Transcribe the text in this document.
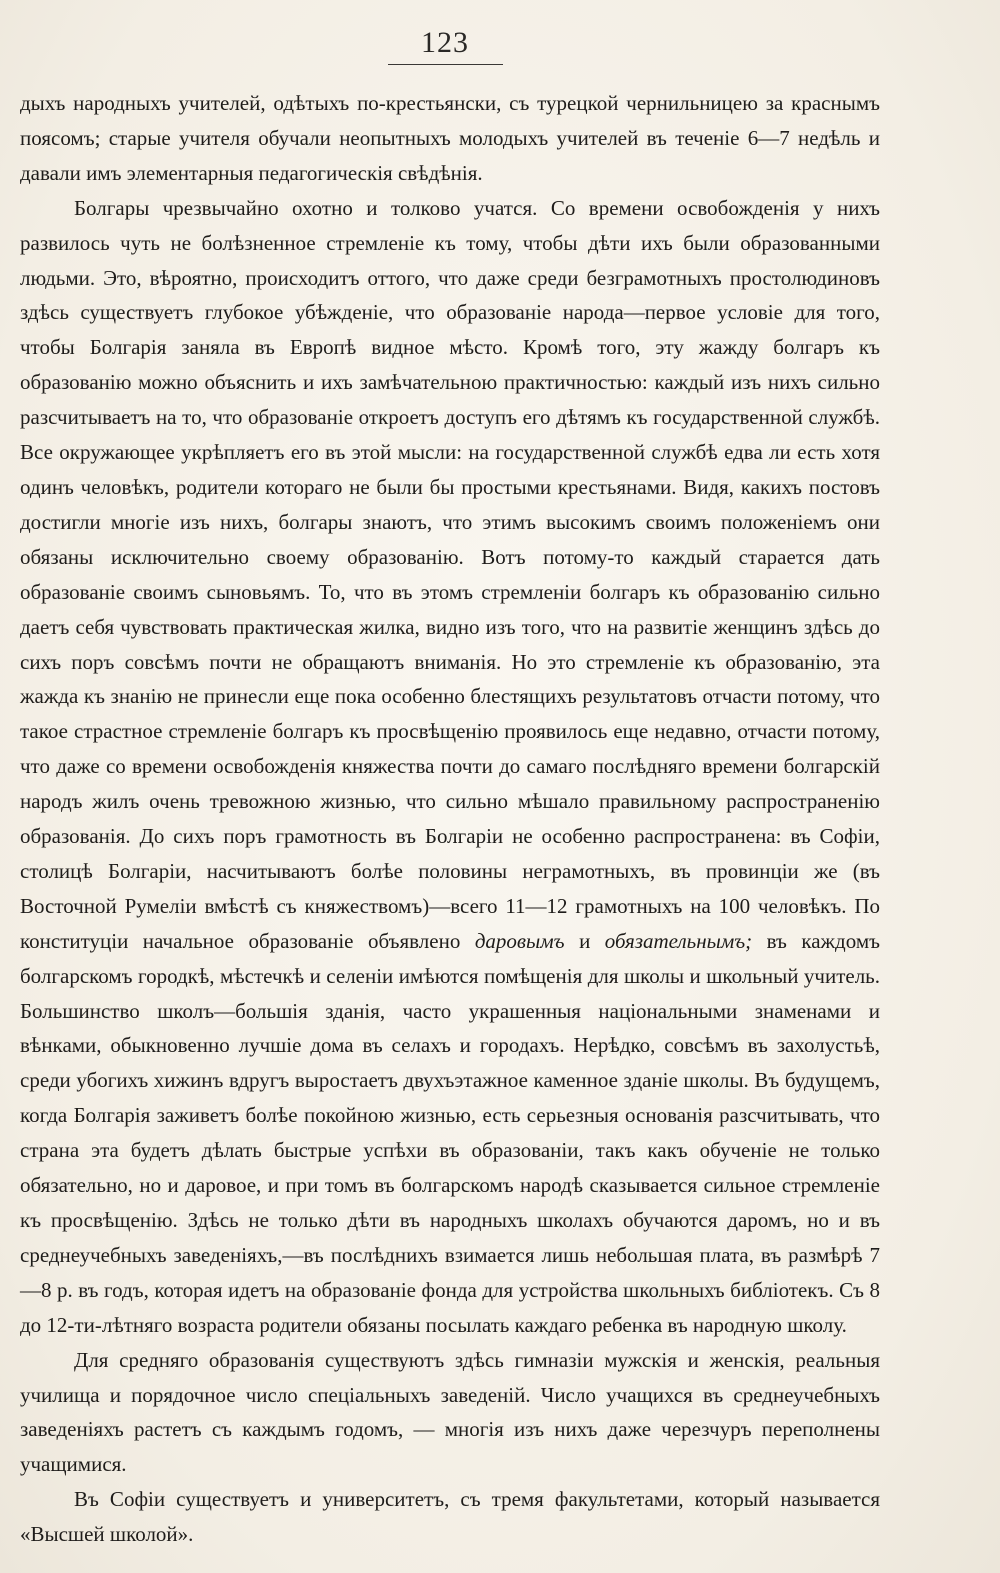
123

дыхъ народныхъ учителей, одѣтыхъ по-крестьянски, съ турецкой чернильницею за краснымъ поясомъ; старые учителя обучали неопытныхъ молодыхъ учителей въ теченіе 6—7 недѣль и давали имъ элементарныя педагогическія свѣдѣнія.

Болгары чрезвычайно охотно и толково учатся. Со времени освобожденія у нихъ развилось чуть не болѣзненное стремленіе къ тому, чтобы дѣти ихъ были образованными людьми. Это, вѣроятно, происходитъ оттого, что даже среди безграмотныхъ простолюдиновъ здѣсь существуетъ глубокое убѣжденіе, что образованіе народа—первое условіе для того, чтобы Болгарія заняла въ Европѣ видное мѣсто. Кромѣ того, эту жажду болгаръ къ образованію можно объяснить и ихъ замѣчательною практичностью: каждый изъ нихъ сильно разсчитываетъ на то, что образованіе откроетъ доступъ его дѣтямъ къ государственной службѣ. Все окружающее укрѣпляетъ его въ этой мысли: на государственной службѣ едва ли есть хотя одинъ человѣкъ, родители котораго не были бы простыми крестьянами. Видя, какихъ постовъ достигли многіе изъ нихъ, болгары знаютъ, что этимъ высокимъ своимъ положеніемъ они обязаны исключительно своему образованію. Вотъ потому-то каждый старается дать образованіе своимъ сыновьямъ. То, что въ этомъ стремленіи болгаръ къ образованію сильно даетъ себя чувствовать практическая жилка, видно изъ того, что на развитіе женщинъ здѣсь до сихъ поръ совсѣмъ почти не обращаютъ вниманія. Но это стремленіе къ образованію, эта жажда къ знанію не принесли еще пока особенно блестящихъ результатовъ отчасти потому, что такое страстное стремленіе болгаръ къ просвѣщенію проявилось еще недавно, отчасти потому, что даже со времени освобожденія княжества почти до самаго послѣдняго времени болгарскій народъ жилъ очень тревожною жизнью, что сильно мѣшало правильному распространенію образованія. До сихъ поръ грамотность въ Болгаріи не особенно распространена: въ Софіи, столицѣ Болгаріи, насчитываютъ болѣе половины неграмотныхъ, въ провинціи же (въ Восточной Румеліи вмѣстѣ съ княжествомъ)—всего 11—12 грамотныхъ на 100 человѣкъ. По конституціи начальное образованіе объявлено даровымъ и обязательнымъ; въ каждомъ болгарскомъ городкѣ, мѣстечкѣ и селеніи имѣются помѣщенія для школы и школьный учитель. Большинство школъ—большія зданія, часто украшенныя національными знаменами и вѣнками, обыкновенно лучшіе дома въ селахъ и городахъ. Нерѣдко, совсѣмъ въ захолустьѣ, среди убогихъ хижинъ вдругъ выростаетъ двухъэтажное каменное зданіе школы. Въ будущемъ, когда Болгарія заживетъ болѣе покойною жизнью, есть серьезныя основанія разсчитывать, что страна эта будетъ дѣлать быстрые успѣхи въ образованіи, такъ какъ обученіе не только обязательно, но и даровое, и при томъ въ болгарскомъ народѣ сказывается сильное стремленіе къ просвѣщенію. Здѣсь не только дѣти въ народныхъ школахъ обучаются даромъ, но и въ среднеучебныхъ заведеніяхъ,—въ послѣднихъ взимается лишь небольшая плата, въ размѣрѣ 7—8 р. въ годъ, которая идетъ на образованіе фонда для устройства школьныхъ библіотекъ. Съ 8 до 12-ти-лѣтняго возраста родители обязаны посылать каждаго ребенка въ народную школу.

Для средняго образованія существуютъ здѣсь гимназіи мужскія и женскія, реальныя училища и порядочное число спеціальныхъ заведеній. Число учащихся въ среднеучебныхъ заведеніяхъ растетъ съ каждымъ годомъ, — многія изъ нихъ даже черезчуръ переполнены учащимися.

Въ Софіи существуетъ и университетъ, съ тремя факультетами, который называется «Высшей школой».
